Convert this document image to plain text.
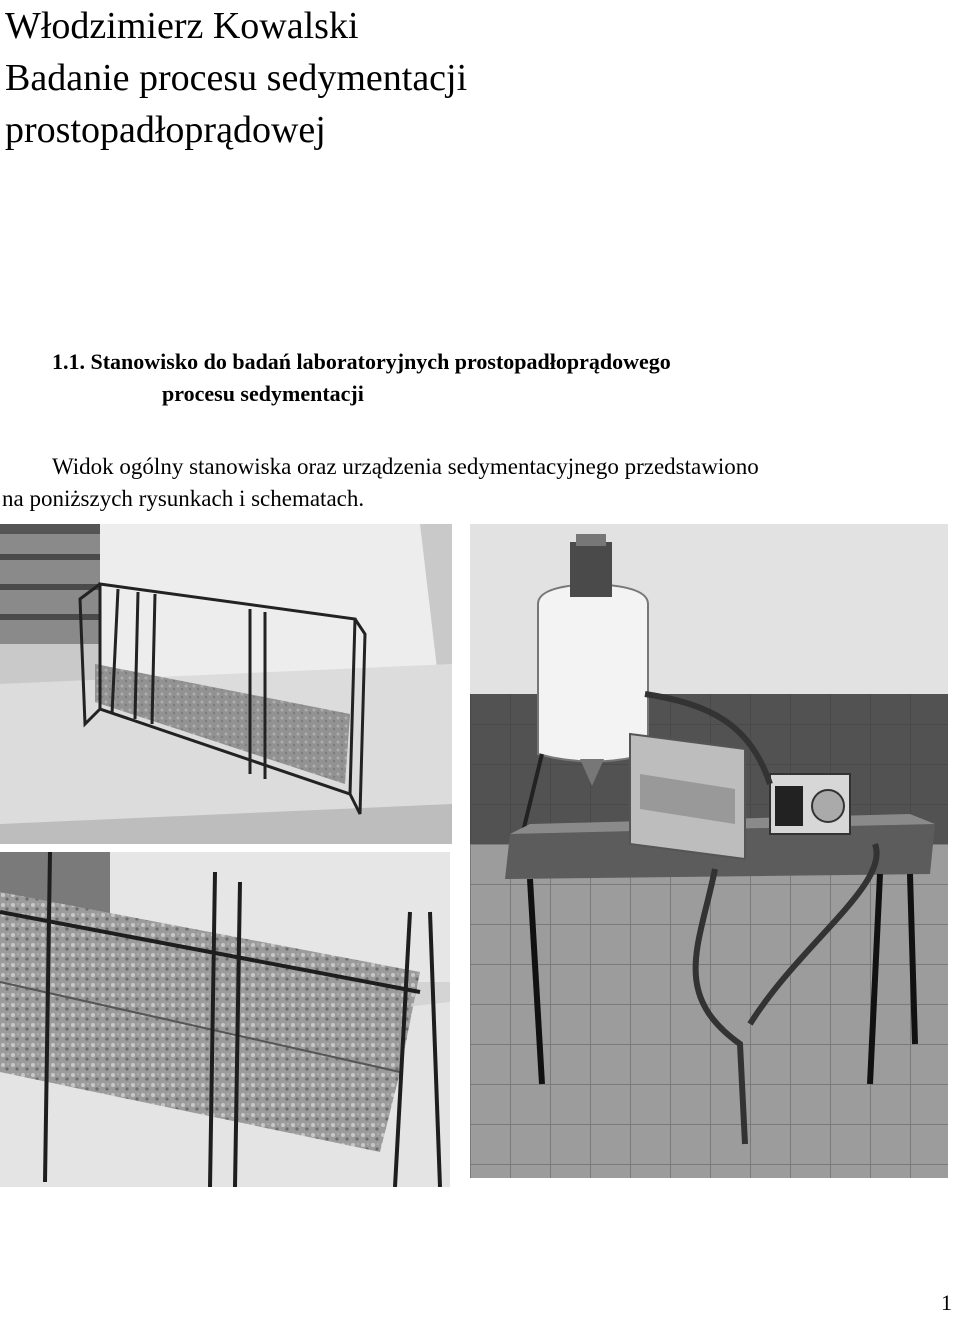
Włodzimierz Kowalski
Badanie procesu sedymentacji
prostopadłoprądowej
1.1. Stanowisko do badań laboratoryjnych prostopadłoprądowego
procesu sedymentacji
Widok ogólny stanowiska oraz urządzenia sedymentacyjnego przedstawiono
na poniższych rysunkach i schematach.
1
